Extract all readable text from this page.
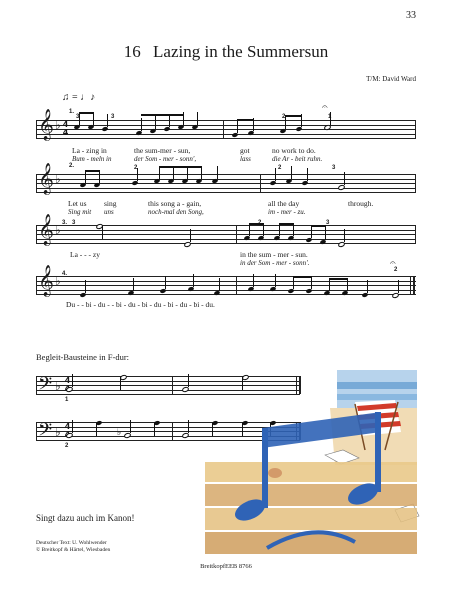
33
16 Lazing in the Summersun
T/M: David Ward
♫ = ♩♪
𝄞 ♭ 4
4
1.
3	3	2	1
𝄐
La - zing in	the sum-mer - sun,	got	no work to do.
Bum - meln in	der Som - mer - sonn',	lass	die Ar - beit ruhn.
𝄞 ♭
2.	2	2	3
Let us sing	this song a - gain,	all the day	through.
Sing mit uns	noch-mal den Song,	im - mer - zu.
𝄞 ♭ 3. 3	3
La - - - zy	in the sum - mer - sun.
in der Som - mer - sonn'.
𝄞 ♭ 4.
2
𝄐
Du - - bi - du - - bi - du - bi - du - bi - du - bi - du.
Begleit-Bausteine in F-dur:
𝄢 ♭ 4

1
𝄢 ♭ 4

2
♭
Singt dazu auch im Kanon!
Deutscher Text: U. Wohlwender
© Breitkopf & Härtel, Wiesbaden
BreitkopfEEB 8766
